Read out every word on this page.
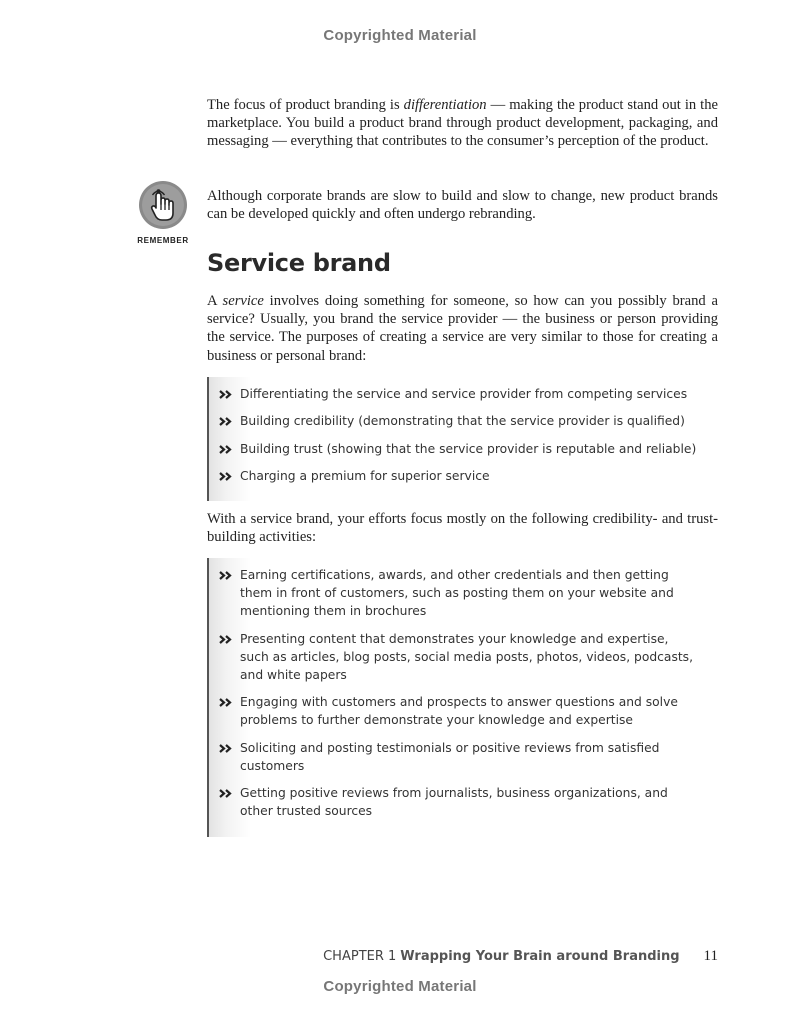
Copyrighted Material

The focus of product branding is differentiation — making the product stand out in the marketplace. You build a product brand through product development, packaging, and messaging — everything that contributes to the consumer’s perception of the product.

REMEMBER

Although corporate brands are slow to build and slow to change, new product brands can be developed quickly and often undergo rebranding.

Service brand

A service involves doing something for someone, so how can you possibly brand a service? Usually, you brand the service provider — the business or person providing the service. The purposes of creating a service are very similar to those for creating a business or personal brand:

Differentiating the service and service provider from competing services
Building credibility (demonstrating that the service provider is qualified)
Building trust (showing that the service provider is reputable and reliable)
Charging a premium for superior service

With a service brand, your efforts focus mostly on the following credibility- and trust-building activities:

Earning certifications, awards, and other credentials and then getting them in front of customers, such as posting them on your website and mentioning them in brochures
Presenting content that demonstrates your knowledge and expertise, such as articles, blog posts, social media posts, photos, videos, podcasts, and white papers
Engaging with customers and prospects to answer questions and solve problems to further demonstrate your knowledge and expertise
Soliciting and posting testimonials or positive reviews from satisfied customers
Getting positive reviews from journalists, business organizations, and other trusted sources
CHAPTER 1 Wrapping Your Brain around Branding 11
Copyrighted Material
